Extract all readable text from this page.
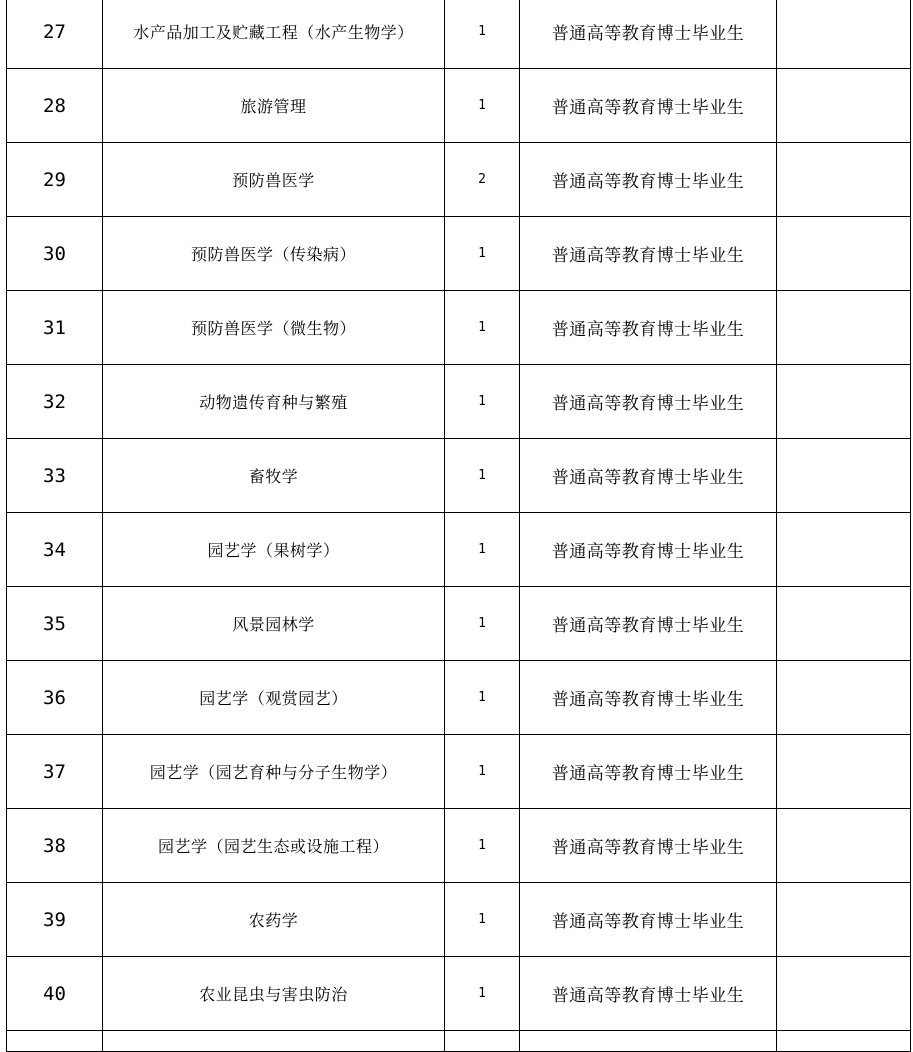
27	水产品加工及贮藏工程（水产生物学）	1	普通高等教育博士毕业生	
28	旅游管理	1	普通高等教育博士毕业生	
29	预防兽医学	2	普通高等教育博士毕业生	
30	预防兽医学（传染病）	1	普通高等教育博士毕业生	
31	预防兽医学（微生物）	1	普通高等教育博士毕业生	
32	动物遗传育种与繁殖	1	普通高等教育博士毕业生	
33	畜牧学	1	普通高等教育博士毕业生	
34	园艺学（果树学）	1	普通高等教育博士毕业生	
35	风景园林学	1	普通高等教育博士毕业生	
36	园艺学（观赏园艺）	1	普通高等教育博士毕业生	
37	园艺学（园艺育种与分子生物学）	1	普通高等教育博士毕业生	
38	园艺学（园艺生态或设施工程）	1	普通高等教育博士毕业生	
39	农药学	1	普通高等教育博士毕业生	
40	农业昆虫与害虫防治	1	普通高等教育博士毕业生	
